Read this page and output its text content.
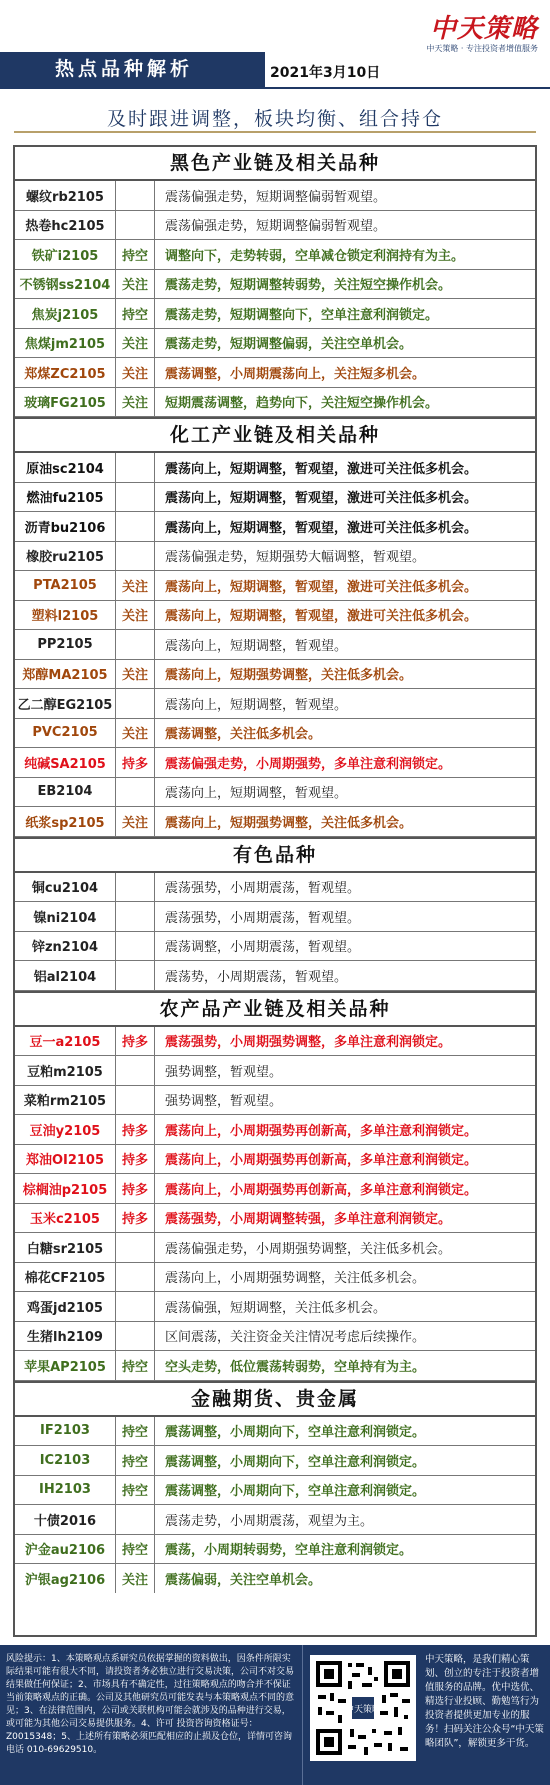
中天策略
中天策略 · 专注投资者增值服务
热点品种解析	2021年3月10日
及时跟进调整，板块均衡、组合持仓
黑色产业链及相关品种
螺纹rb2105	震荡偏强走势，短期调整偏弱暂观望。
热卷hc2105	震荡偏强走势，短期调整偏弱暂观望。
铁矿i2105	持空	调整向下，走势转弱，空单减仓锁定利润持有为主。
不锈钢ss2104 关注	震荡走势，短期调整转弱势，关注短空操作机会。
焦炭j2105	持空	震荡走势，短期调整向下，空单注意利润锁定。
焦煤jm2105	关注	震荡走势，短期调整偏弱，关注空单机会。
郑煤ZC2105	关注	震荡调整，小周期震荡向上，关注短多机会。
玻璃FG2105	关注	短期震荡调整，趋势向下，关注短空操作机会。
化工产业链及相关品种
原油sc2104	震荡向上，短期调整，暂观望，激进可关注低多机会。
燃油fu2105	震荡向上，短期调整，暂观望，激进可关注低多机会。
沥青bu2106	震荡向上，短期调整，暂观望，激进可关注低多机会。
橡胶ru2105	震荡偏强走势，短期强势大幅调整，暂观望。
PTA2105	关注	震荡向上，短期调整，暂观望，激进可关注低多机会。
塑料l2105	关注	震荡向上，短期调整，暂观望，激进可关注低多机会。
PP2105	震荡向上，短期调整，暂观望。
郑醇MA2105	关注	震荡向上，短期强势调整，关注低多机会。
乙二醇EG2105	震荡向上，短期调整，暂观望。
PVC2105	关注	震荡调整，关注低多机会。
纯碱SA2105	持多	震荡偏强走势，小周期强势，多单注意利润锁定。
EB2104	震荡向上，短期调整，暂观望。
纸浆sp2105	关注	震荡向上，短期强势调整，关注低多机会。
有色品种
铜cu2104	震荡强势，小周期震荡，暂观望。
镍ni2104	震荡强势，小周期震荡，暂观望。
锌zn2104	震荡调整，小周期震荡，暂观望。
铝al2104	震荡势，小周期震荡，暂观望。
农产品产业链及相关品种
豆一a2105	持多	震荡强势，小周期强势调整，多单注意利润锁定。
豆粕m2105	强势调整，暂观望。
菜粕rm2105	强势调整，暂观望。
豆油y2105	持多	震荡向上，小周期强势再创新高，多单注意利润锁定。
郑油OI2105	持多	震荡向上，小周期强势再创新高，多单注意利润锁定。
棕榈油p2105	持多	震荡向上，小周期强势再创新高，多单注意利润锁定。
玉米c2105	持多	震荡强势，小周期调整转强，多单注意利润锁定。
白糖sr2105	震荡偏强走势，小周期强势调整，关注低多机会。
棉花CF2105	震荡向上，小周期强势调整，关注低多机会。
鸡蛋jd2105	震荡偏强，短期调整，关注低多机会。
生猪lh2109	区间震荡，关注资金关注情况考虑后续操作。
苹果AP2105	持空	空头走势，低位震荡转弱势，空单持有为主。
金融期货、贵金属
IF2103	持空	震荡调整，小周期向下，空单注意利润锁定。
IC2103	持空	震荡调整，小周期向下，空单注意利润锁定。
IH2103	持空	震荡调整，小周期向下，空单注意利润锁定。
十债2016	震荡走势，小周期震荡，观望为主。
沪金au2106	持空	震荡，小周期转弱势，空单注意利润锁定。
沪银ag2106	关注	震荡偏弱，关注空单机会。
风险提示：1、本策略观点系研究员依据掌握的资料做出，因条件所限实际结果可能有很大不同，请投资者务必独立进行交易决策，公司不对交易结果做任何保证；2、市场具有不确定性，过往策略观点的吻合并不保证当前策略观点的正确。公司及其他研究员可能发表与本策略观点不同的意见；3、在法律范围内，公司或关联机构可能会就涉及的品种进行交易，或可能为其他公司交易提供服务。4、许可 投资咨询资格证号：Z0015348；5、上述所有策略必须匹配相应的止损及仓位，详情可咨询电话 010-69629510。
中天策略
中天策略，是我们精心策划、创立的专注于投资者增值服务的品牌。优中选优、精选行业投顾、勤勉笃行为投资者提供更加专业的服务！扫码关注公众号“中天策略团队”，解锁更多干货。
